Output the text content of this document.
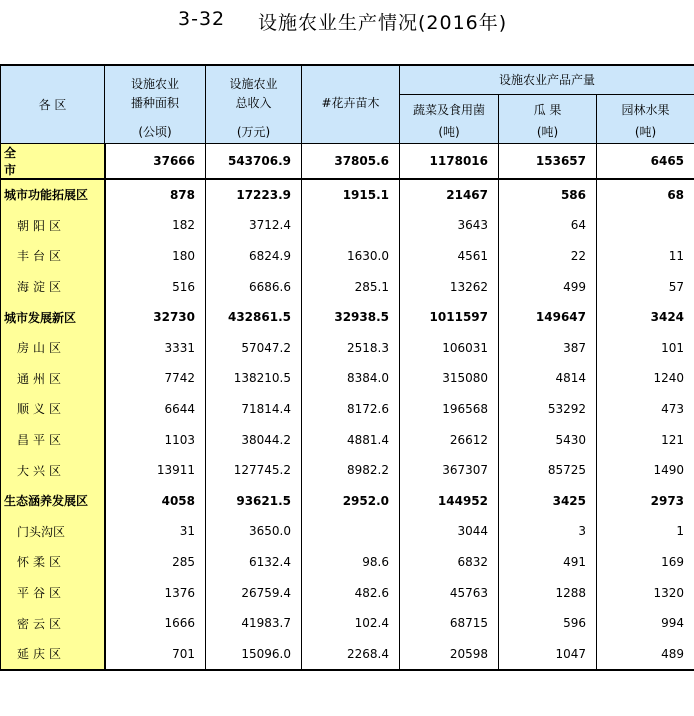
3-32 设施农业生产情况(2016年)
各 区	设施农业	设施农业		设施农业产品产量		
	播种面积	总收入	#花卉苗木	蔬菜及食用菌	瓜 果	园林水果
	(公顷)	(万元)		(吨)	(吨)	(吨)
全 市	37666	543706.9	37805.6	1178016	153657	6465
城市功能拓展区	878	17223.9	1915.1	21467	586	68
朝阳区	182	3712.4		3643	64	
丰台区	180	6824.9	1630.0	4561	22	11
海淀区	516	6686.6	285.1	13262	499	57
城市发展新区	32730	432861.5	32938.5	1011597	149647	3424
房山区	3331	57047.2	2518.3	106031	387	101
通州区	7742	138210.5	8384.0	315080	4814	1240
顺义区	6644	71814.4	8172.6	196568	53292	473
昌平区	1103	38044.2	4881.4	26612	5430	121
大兴区	13911	127745.2	8982.2	367307	85725	1490
生态涵养发展区	4058	93621.5	2952.0	144952	3425	2973
门头沟区	31	3650.0		3044	3	1
怀柔区	285	6132.4	98.6	6832	491	169
平谷区	1376	26759.4	482.6	45763	1288	1320
密云区	1666	41983.7	102.4	68715	596	994
延庆区	701	15096.0	2268.4	20598	1047	489
